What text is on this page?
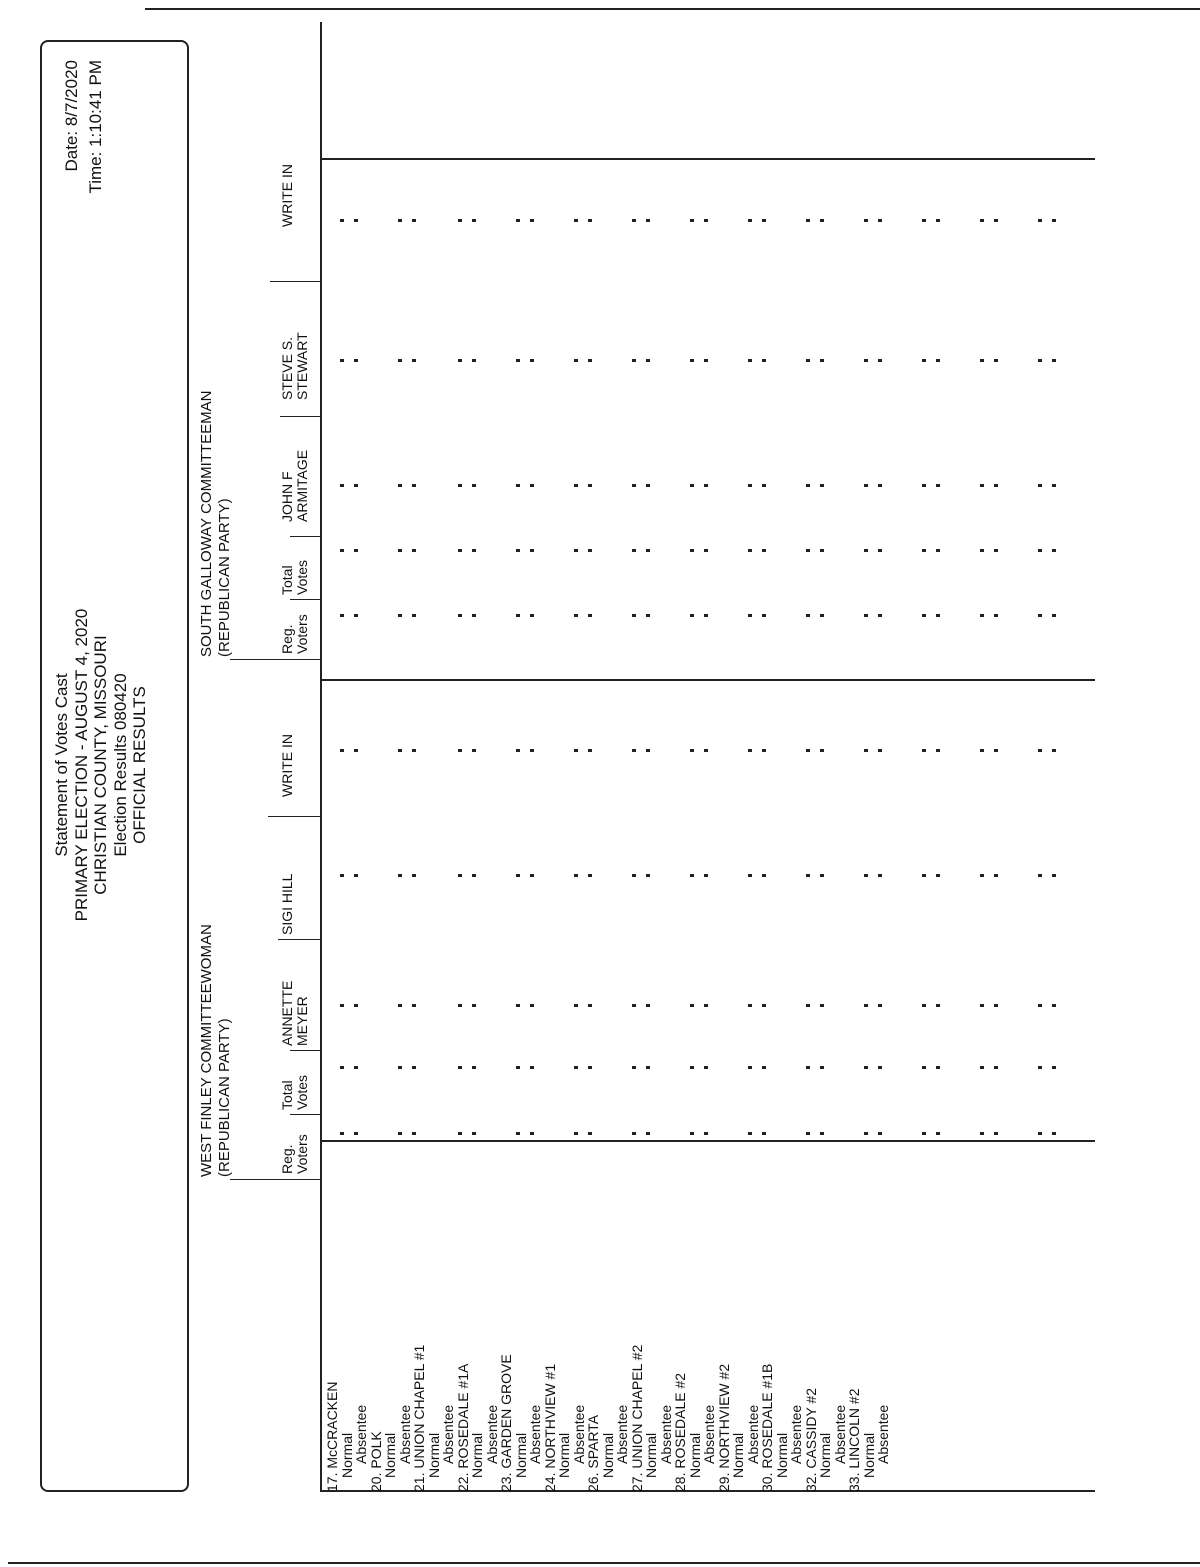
Statement of Votes Cast PRIMARY ELECTION - AUGUST 4, 2020 CHRISTIAN COUNTY, MISSOURI Election Results 080420 OFFICIAL RESULTS
Date: 8/7/2020 Time: 1:10:41 PM
WEST FINLEY COMMITTEEWOMAN (REPUBLICAN PARTY)
SOUTH GALLOWAY COMMITTEEMAN (REPUBLICAN PARTY)
Reg. Voters
Total Votes
ANNETTE MEYER
SIGI HILL
WRITE IN
Reg. Voters
Total Votes
JOHN F ARMITAGE
STEVE S. STEWART
WRITE IN
17. McCRACKEN
Normal
Absentee
20. POLK
Normal
Absentee
21. UNION CHAPEL #1
Normal
Absentee
22. ROSEDALE #1A
Normal
Absentee
23. GARDEN GROVE
Normal
Absentee
24. NORTHVIEW #1
Normal
Absentee
26. SPARTA
Normal
Absentee
27. UNION CHAPEL #2
Normal
Absentee
28. ROSEDALE #2
Normal
Absentee
29. NORTHVIEW #2
Normal
Absentee
30. ROSEDALE #1B
Normal
Absentee
32. CASSIDY #2
Normal
Absentee
33. LINCOLN #2
Normal
Absentee
